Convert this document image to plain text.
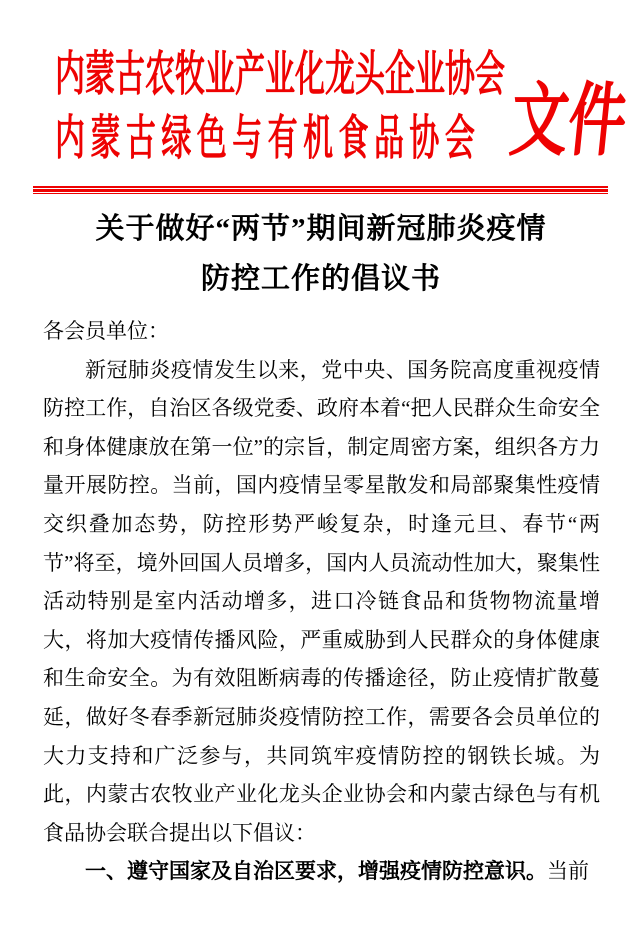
内蒙古农牧业产业化龙头企业协会
内蒙古绿色与有机食品协会 文件
关于做好“两节”期间新冠肺炎疫情
防控工作的倡议书

各会员单位：

新冠肺炎疫情发生以来，党中央、国务院高度重视疫情防控工作，自治区各级党委、政府本着“把人民群众生命安全和身体健康放在第一位”的宗旨，制定周密方案，组织各方力量开展防控。当前，国内疫情呈零星散发和局部聚集性疫情交织叠加态势，防控形势严峻复杂，时逢元旦、春节“两节”将至，境外回国人员增多，国内人员流动性加大，聚集性活动特别是室内活动增多，进口冷链食品和货物物流量增大，将加大疫情传播风险，严重威胁到人民群众的身体健康和生命安全。为有效阻断病毒的传播途径，防止疫情扩散蔓延，做好冬春季新冠肺炎疫情防控工作，需要各会员单位的大力支持和广泛参与，共同筑牢疫情防控的钢铁长城。为此，内蒙古农牧业产业化龙头企业协会和内蒙古绿色与有机食品协会联合提出以下倡议：

一、遵守国家及自治区要求，增强疫情防控意识。当前
